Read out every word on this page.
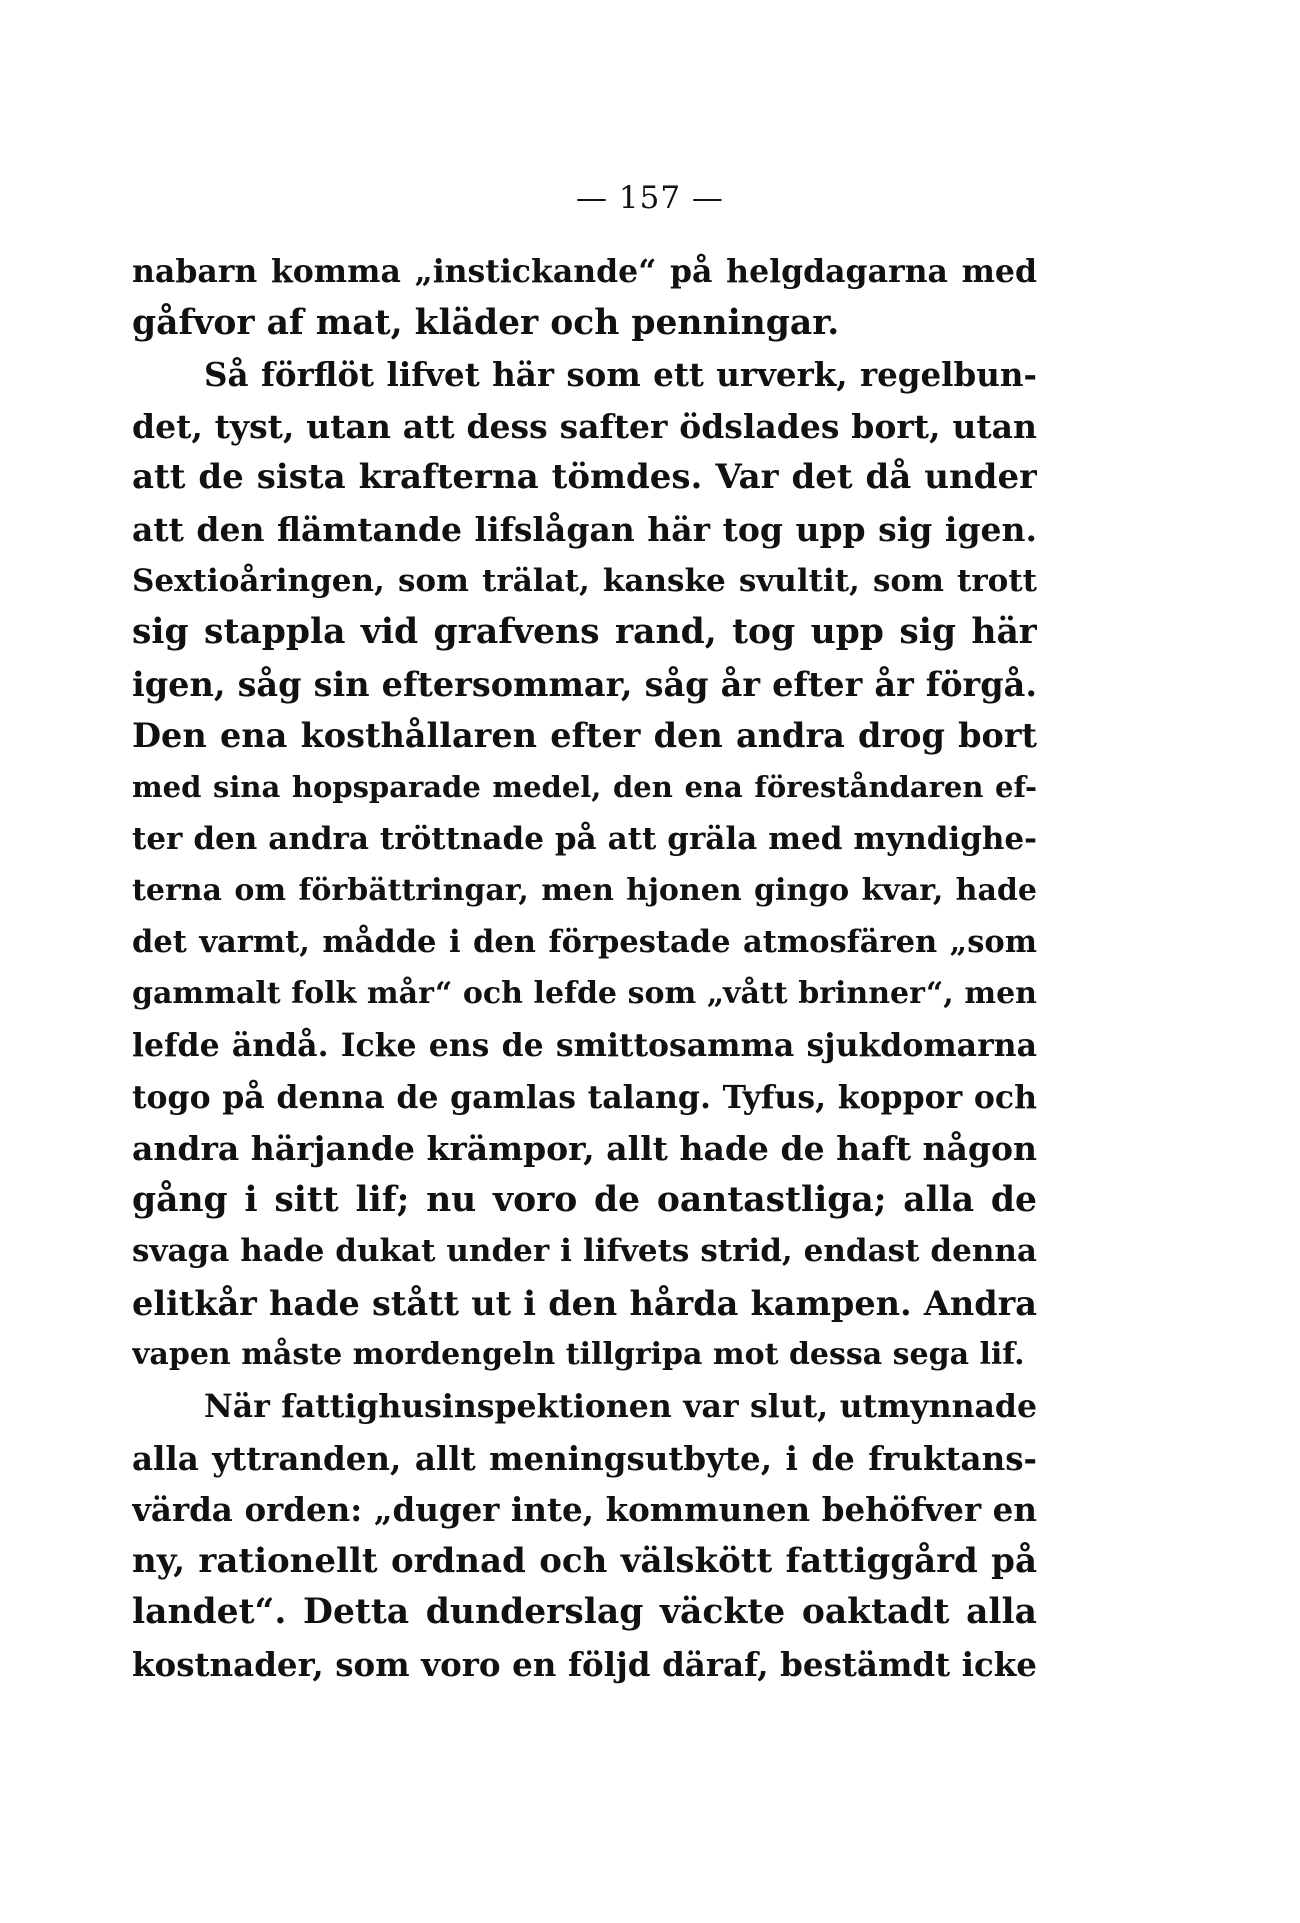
— 157 —
nabarn komma „instickande“ på helgdagarna med
gåfvor af mat, kläder och penningar.
Så förflöt lifvet här som ett urverk, regelbun-
det, tyst, utan att dess safter ödslades bort, utan
att de sista krafterna tömdes. Var det då under
att den flämtande lifslågan här tog upp sig igen.
Sextioåringen, som trälat, kanske svultit, som trott
sig stappla vid grafvens rand, tog upp sig här
igen, såg sin eftersommar, såg år efter år förgå.
Den ena kosthållaren efter den andra drog bort
med sina hopsparade medel, den ena föreståndaren ef-
ter den andra tröttnade på att gräla med myndighe-
terna om förbättringar, men hjonen gingo kvar, hade
det varmt, mådde i den förpestade atmosfären „som
gammalt folk mår“ och lefde som „vått brinner“, men
lefde ändå. Icke ens de smittosamma sjukdomarna
togo på denna de gamlas talang. Tyfus, koppor och
andra härjande krämpor, allt hade de haft någon
gång i sitt lif; nu voro de oantastliga; alla de
svaga hade dukat under i lifvets strid, endast denna
elitkår hade stått ut i den hårda kampen. Andra
vapen måste mordengeln tillgripa mot dessa sega lif.
När fattighusinspektionen var slut, utmynnade
alla yttranden, allt meningsutbyte, i de fruktans-
värda orden: „duger inte, kommunen behöfver en
ny, rationellt ordnad och välskött fattiggård på
landet“. Detta dunderslag väckte oaktadt alla
kostnader, som voro en följd däraf, bestämdt icke
